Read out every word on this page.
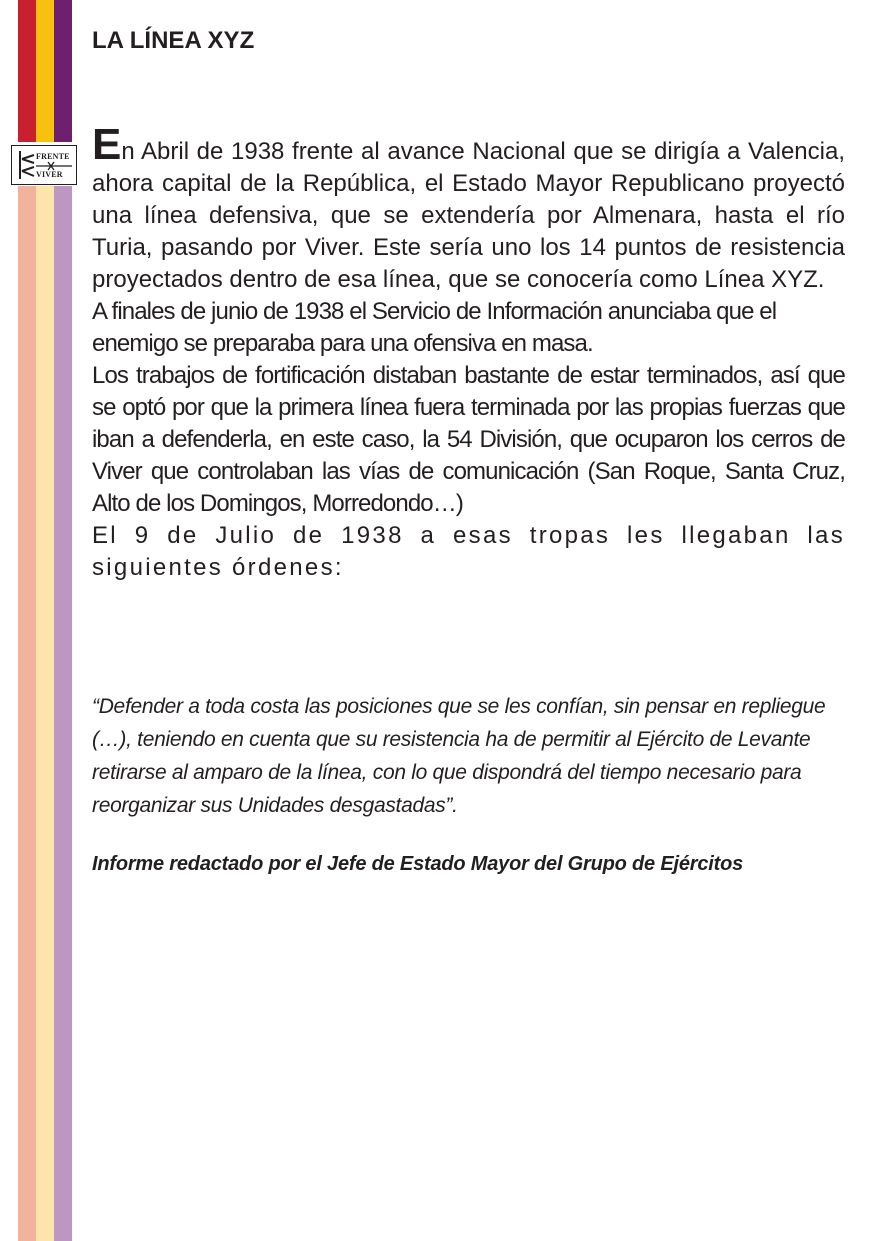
FRENTE
VIVER
LA LÍNEA XYZ

En Abril de 1938 frente al avance Nacional que se dirigía a Valencia, ahora capital de la República, el Estado Mayor Republicano proyectó una línea defensiva, que se extendería por Almenara, hasta el río Turia, pasando por Viver. Este sería uno los 14 puntos de resistencia proyectados dentro de esa línea, que se conocería como Línea XYZ.

A finales de junio de 1938 el Servicio de Información anunciaba que el enemigo se preparaba para una ofensiva en masa.

Los trabajos de fortificación distaban bastante de estar terminados, así que se optó por que la primera línea fuera terminada por las propias fuerzas que iban a defenderla, en este caso, la 54 División, que ocuparon los cerros de Viver que controlaban las vías de comunicación (San Roque, Santa Cruz, Alto de los Domingos, Morredondo…)

El 9 de Julio de 1938 a esas tropas les llegaban las siguientes órdenes:

“Defender a toda costa las posiciones que se les confían, sin pensar en repliegue (…), teniendo en cuenta que su resistencia ha de permitir al Ejército de Levante retirarse al amparo de la línea, con lo que dispondrá del tiempo necesario para reorganizar sus Unidades desgastadas”.

Informe redactado por el Jefe de Estado Mayor del Grupo de Ejércitos
